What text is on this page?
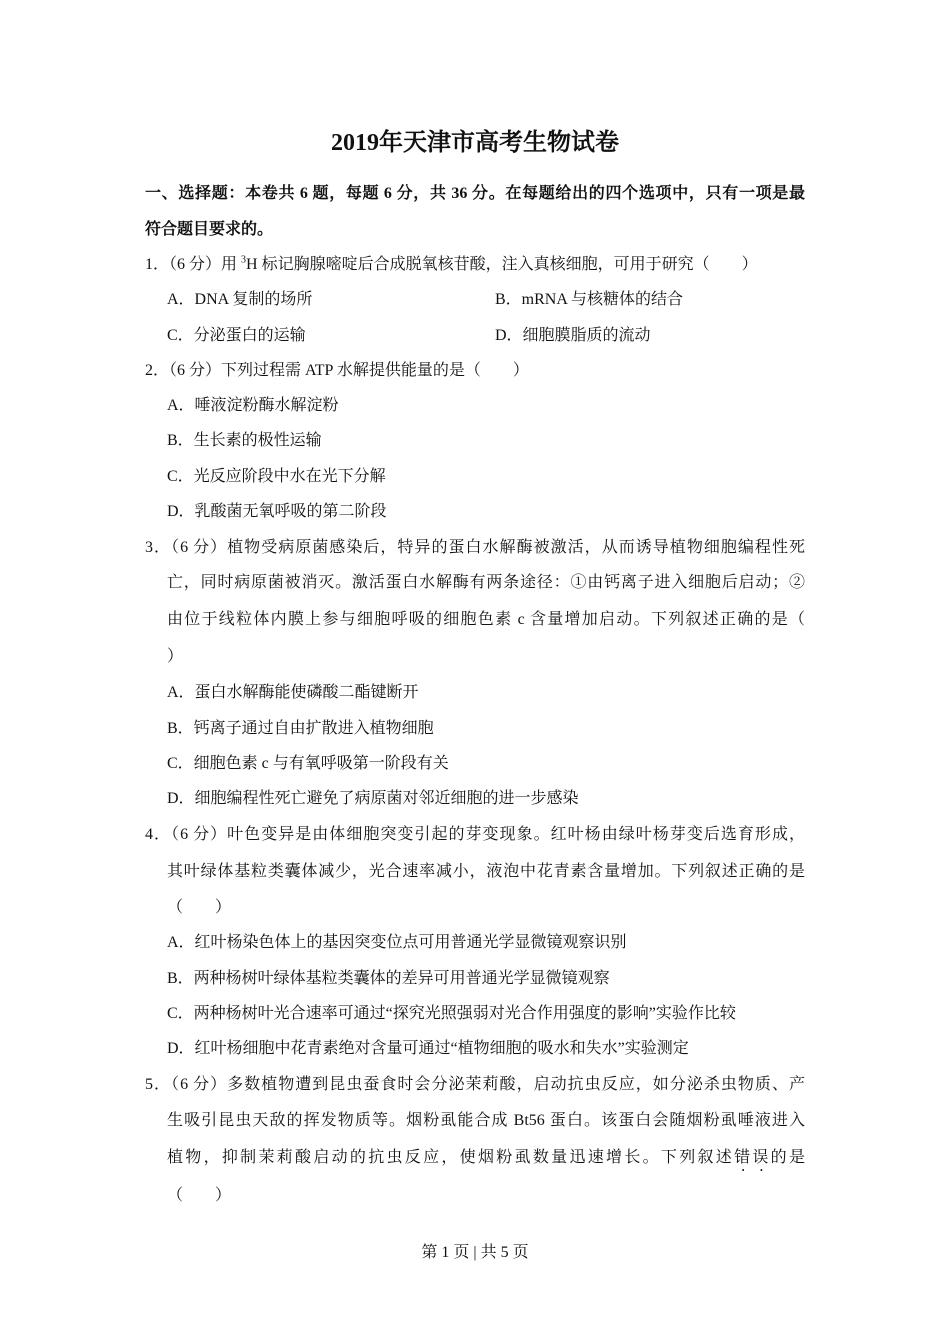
2019年天津市高考生物试卷
一、选择题：本卷共 6 题，每题 6 分，共 36 分。在每题给出的四个选项中，只有一项是最
符合题目要求的。
1．（6 分）用 $^3$H 标记胸腺嘧啶后合成脱氧核苷酸，注入真核细胞，可用于研究（　　）
A．DNA 复制的场所	B．mRNA 与核糖体的结合
C．分泌蛋白的运输	D．细胞膜脂质的流动
2．（6 分）下列过程需 ATP 水解提供能量的是（　　）
A．唾液淀粉酶水解淀粉
B．生长素的极性运输
C．光反应阶段中水在光下分解
D．乳酸菌无氧呼吸的第二阶段
3．（6 分）植物受病原菌感染后，特异的蛋白水解酶被激活，从而诱导植物细胞编程性死
亡，同时病原菌被消灭。激活蛋白水解酶有两条途径：①由钙离子进入细胞后启动；②
由位于线粒体内膜上参与细胞呼吸的细胞色素 c 含量增加启动。下列叙述正确的是（
）
A．蛋白水解酶能使磷酸二酯键断开
B．钙离子通过自由扩散进入植物细胞
C．细胞色素 c 与有氧呼吸第一阶段有关
D．细胞编程性死亡避免了病原菌对邻近细胞的进一步感染
4．（6 分）叶色变异是由体细胞突变引起的芽变现象。红叶杨由绿叶杨芽变后选育形成，
其叶绿体基粒类囊体减少，光合速率减小，液泡中花青素含量增加。下列叙述正确的是
（　　）
A．红叶杨染色体上的基因突变位点可用普通光学显微镜观察识别
B．两种杨树叶绿体基粒类囊体的差异可用普通光学显微镜观察
C．两种杨树叶光合速率可通过“探究光照强弱对光合作用强度的影响”实验作比较
D．红叶杨细胞中花青素绝对含量可通过“植物细胞的吸水和失水”实验测定
5．（6 分）多数植物遭到昆虫蚕食时会分泌茉莉酸，启动抗虫反应，如分泌杀虫物质、产
生吸引昆虫天敌的挥发物质等。烟粉虱能合成 Bt56 蛋白。该蛋白会随烟粉虱唾液进入
植物，抑制茉莉酸启动的抗虫反应，使烟粉虱数量迅速增长。下列叙述错误的是
（　　）
第 1 页 | 共 5 页
